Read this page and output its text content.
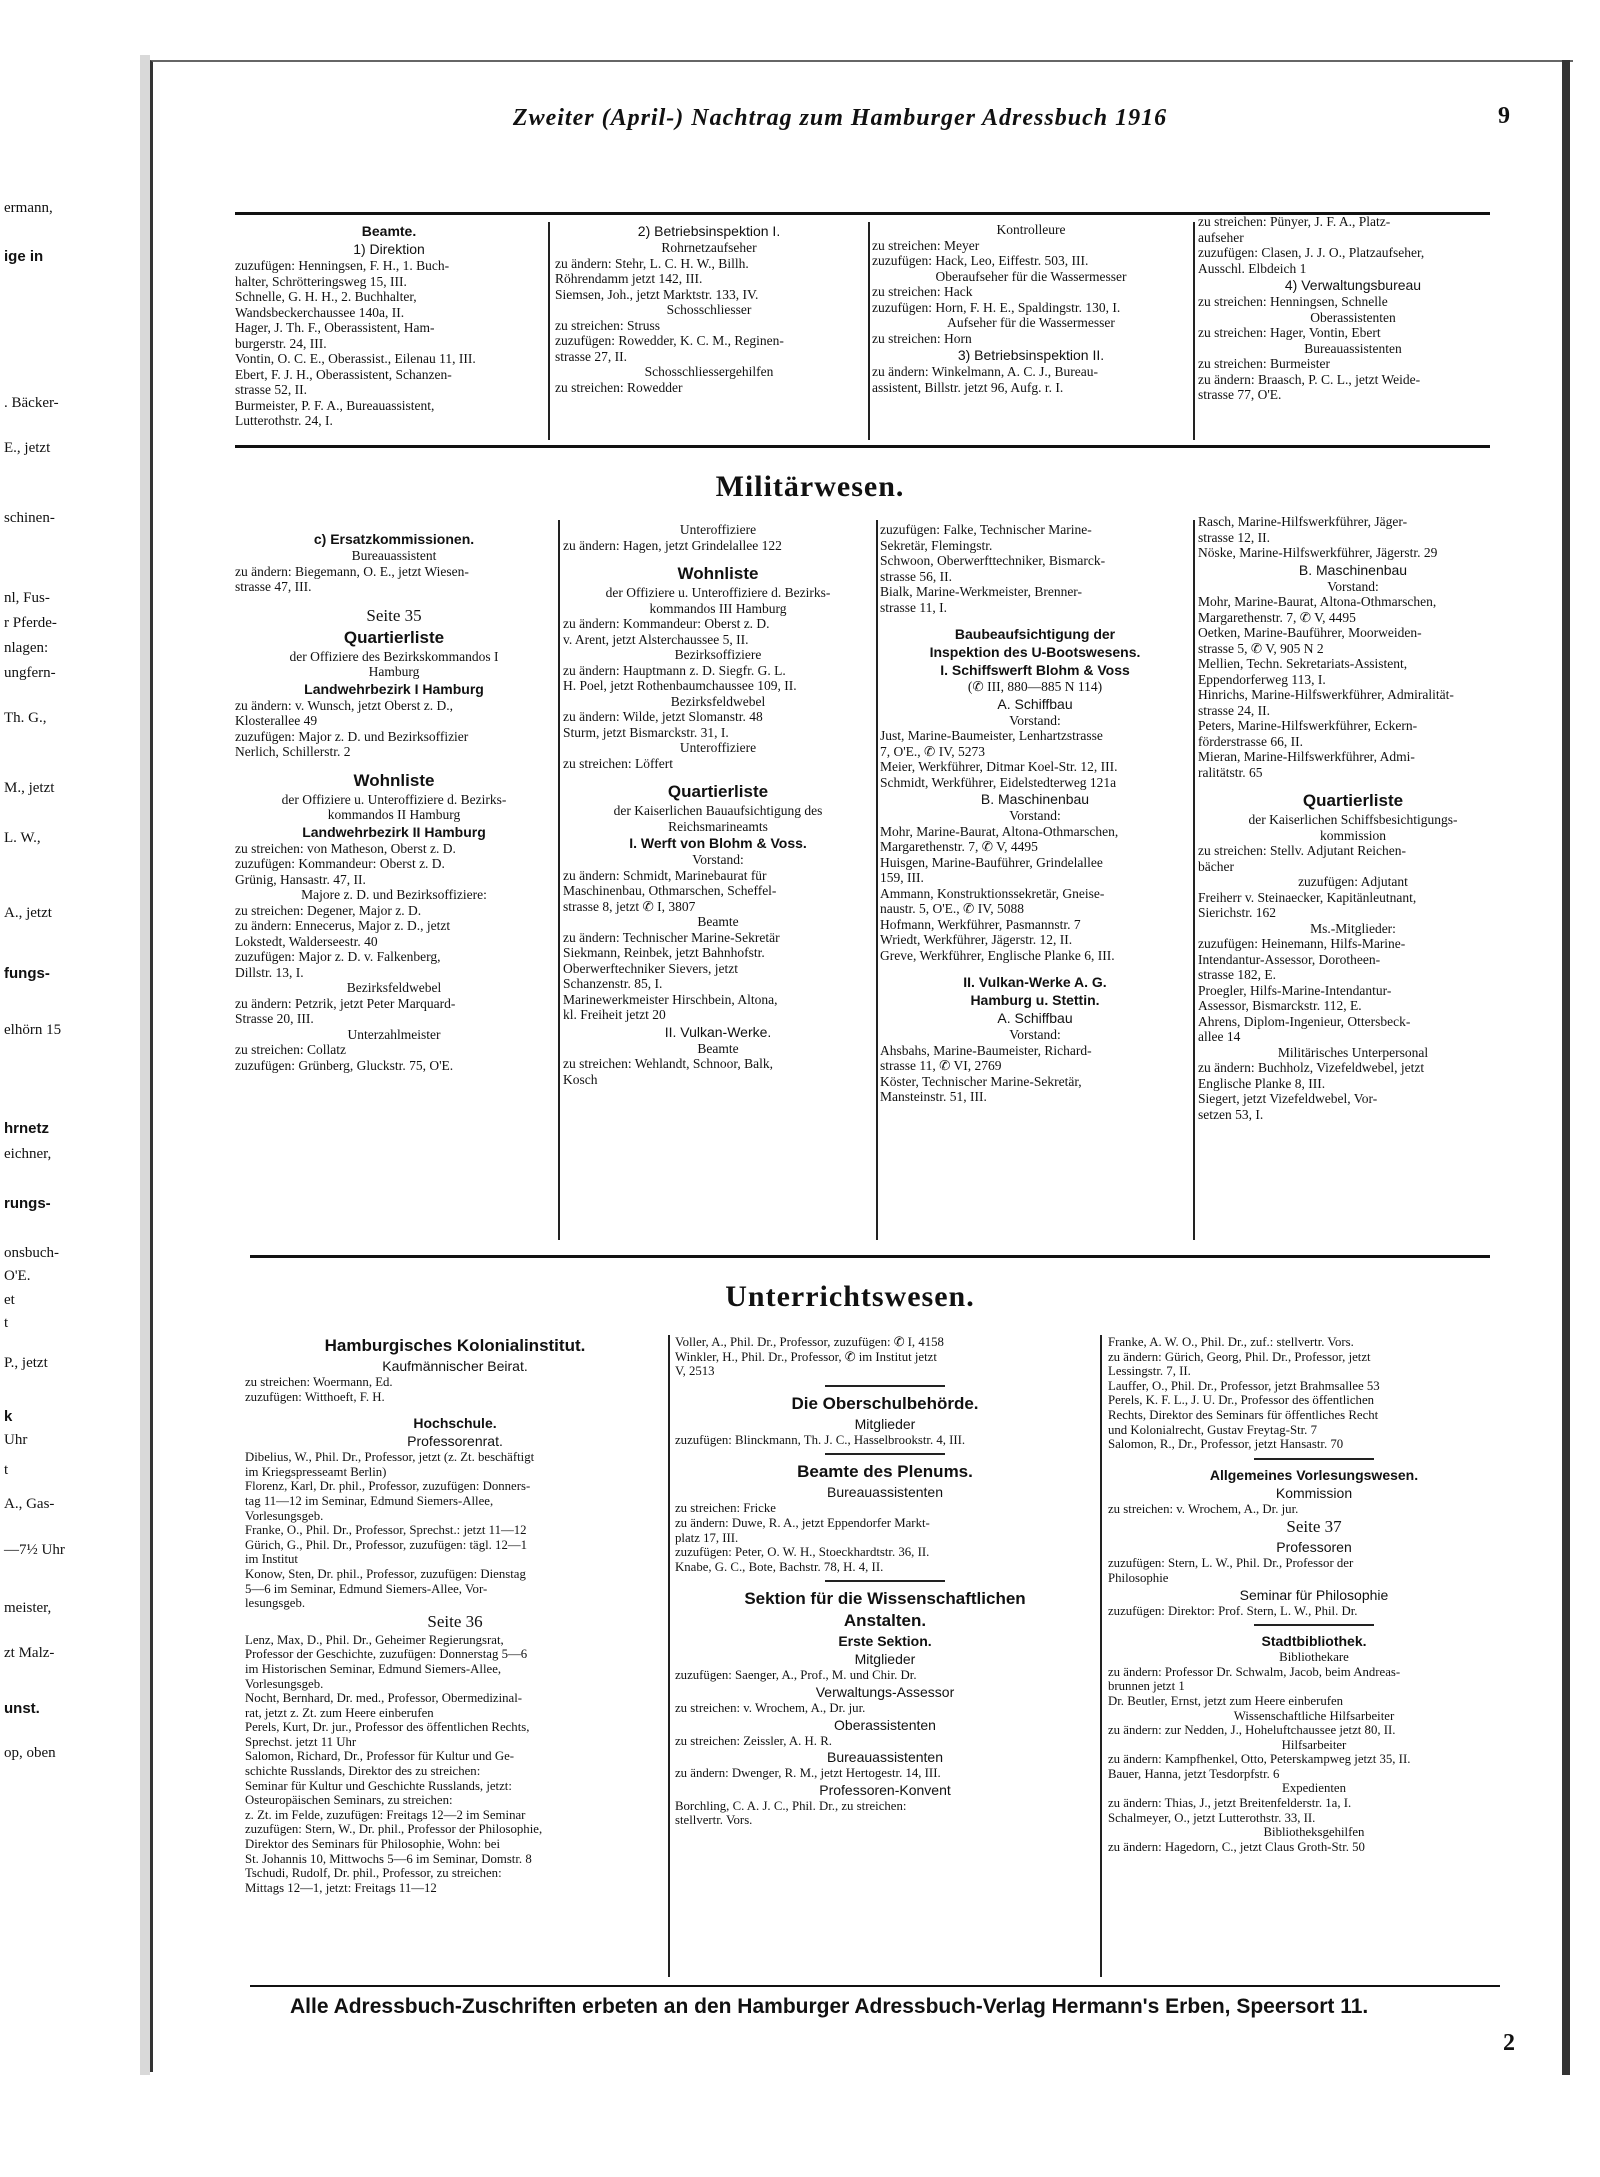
ermann,
ige in
. Bäcker-
E., jetzt
schinen-
nl, Fus-
r Pferde-
nlagen:
ungfern-
Th. G.,
M., jetzt
L. W.,
A., jetzt
fungs-
elhörn 15
hrnetz
eichner,
rungs-
onsbuch-
O'E.
et
t
P., jetzt
k
Uhr
t
A., Gas-
—7½ Uhr
meister,
zt Malz-
unst.
op, oben
Zweiter (April-) Nachtrag zum Hamburger Adressbuch 1916	9
Beamte.
1) Direktion
zuzufügen: Henningsen, F. H., 1. Buch-
halter, Schrötteringsweg 15, III.
Schnelle, G. H. H., 2. Buchhalter,
Wandsbeckerchaussee 140a, II.
Hager, J. Th. F., Oberassistent, Ham-
burgerstr. 24, III.
Vontin, O. C. E., Oberassist., Eilenau 11, III.
Ebert, F. J. H., Oberassistent, Schanzen-
strasse 52, II.
Burmeister, P. F. A., Bureauassistent,
Lutterothstr. 24, I.
2) Betriebsinspektion I.
Rohrnetzaufseher
zu ändern: Stehr, L. C. H. W., Billh.
Röhrendamm jetzt 142, III.
Siemsen, Joh., jetzt Marktstr. 133, IV.
Schosschliesser
zu streichen: Struss
zuzufügen: Rowedder, K. C. M., Reginen-
strasse 27, II.
Schosschliessergehilfen
zu streichen: Rowedder
Kontrolleure
zu streichen: Meyer
zuzufügen: Hack, Leo, Eiffestr. 503, III.
Oberaufseher für die Wassermesser
zu streichen: Hack
zuzufügen: Horn, F. H. E., Spaldingstr. 130, I.
Aufseher für die Wassermesser
zu streichen: Horn
3) Betriebsinspektion II.
zu ändern: Winkelmann, A. C. J., Bureau-
assistent, Billstr. jetzt 96, Aufg. r. I.
zu streichen: Pünyer, J. F. A., Platz-
aufseher
zuzufügen: Clasen, J. J. O., Platzaufseher,
Ausschl. Elbdeich 1
4) Verwaltungsbureau
zu streichen: Henningsen, Schnelle
Oberassistenten
zu streichen: Hager, Vontin, Ebert
Bureauassistenten
zu streichen: Burmeister
zu ändern: Braasch, P. C. L., jetzt Weide-
strasse 77, O'E.
Militärwesen.
c) Ersatzkommissionen.
Bureauassistent
zu ändern: Biegemann, O. E., jetzt Wiesen-
strasse 47, III.
Seite 35
Quartierliste
der Offiziere des Bezirkskommandos I
Hamburg
Landwehrbezirk I Hamburg
zu ändern: v. Wunsch, jetzt Oberst z. D.,
Klosterallee 49
zuzufügen: Major z. D. und Bezirksoffizier
Nerlich, Schillerstr. 2
Wohnliste
der Offiziere u. Unteroffiziere d. Bezirks-
kommandos II Hamburg
Landwehrbezirk II Hamburg
zu streichen: von Matheson, Oberst z. D.
zuzufügen: Kommandeur: Oberst z. D.
Grünig, Hansastr. 47, II.
Majore z. D. und Bezirksoffiziere:
zu streichen: Degener, Major z. D.
zu ändern: Ennecerus, Major z. D., jetzt
Lokstedt, Walderseestr. 40
zuzufügen: Major z. D. v. Falkenberg,
Dillstr. 13, I.
Bezirksfeldwebel
zu ändern: Petzrik, jetzt Peter Marquard-
Strasse 20, III.
Unterzahlmeister
zu streichen: Collatz
zuzufügen: Grünberg, Gluckstr. 75, O'E.
Unteroffiziere
zu ändern: Hagen, jetzt Grindelallee 122
Wohnliste
der Offiziere u. Unteroffiziere d. Bezirks-
kommandos III Hamburg
zu ändern: Kommandeur: Oberst z. D.
v. Arent, jetzt Alsterchaussee 5, II.
Bezirksoffiziere
zu ändern: Hauptmann z. D. Siegfr. G. L.
H. Poel, jetzt Rothenbaumchaussee 109, II.
Bezirksfeldwebel
zu ändern: Wilde, jetzt Slomanstr. 48
Sturm, jetzt Bismarckstr. 31, I.
Unteroffiziere
zu streichen: Löffert
Quartierliste
der Kaiserlichen Bauaufsichtigung des
Reichsmarineamts
I. Werft von Blohm & Voss.
Vorstand:
zu ändern: Schmidt, Marinebaurat für
Maschinenbau, Othmarschen, Scheffel-
strasse 8, jetzt ✆ I, 3807
Beamte
zu ändern: Technischer Marine-Sekretär
Siekmann, Reinbek, jetzt Bahnhofstr.
Oberwerftechniker Sievers, jetzt
Schanzenstr. 85, I.
Marinewerkmeister Hirschbein, Altona,
kl. Freiheit jetzt 20
II. Vulkan-Werke.
Beamte
zu streichen: Wehlandt, Schnoor, Balk,
Kosch
zuzufügen: Falke, Technischer Marine-
Sekretär, Flemingstr.
Schwoon, Oberwerfttechniker, Bismarck-
strasse 56, II.
Bialk, Marine-Werkmeister, Brenner-
strasse 11, I.
Baubeaufsichtigung der
Inspektion des U-Bootswesens.
I. Schiffswerft Blohm & Voss
(✆ III, 880—885 N 114)
A. Schiffbau
Vorstand:
Just, Marine-Baumeister, Lenhartzstrasse
7, O'E., ✆ IV, 5273
Meier, Werkführer, Ditmar Koel-Str. 12, III.
Schmidt, Werkführer, Eidelstedterweg 121a
B. Maschinenbau
Vorstand:
Mohr, Marine-Baurat, Altona-Othmarschen,
Margarethenstr. 7, ✆ V, 4495
Huisgen, Marine-Bauführer, Grindelallee
159, III.
Ammann, Konstruktionssekretär, Gneise-
naustr. 5, O'E., ✆ IV, 5088
Hofmann, Werkführer, Pasmannstr. 7
Wriedt, Werkführer, Jägerstr. 12, II.
Greve, Werkführer, Englische Planke 6, III.
II. Vulkan-Werke A. G.
Hamburg u. Stettin.
A. Schiffbau
Vorstand:
Ahsbahs, Marine-Baumeister, Richard-
strasse 11, ✆ VI, 2769
Köster, Technischer Marine-Sekretär,
Mansteinstr. 51, III.
Rasch, Marine-Hilfswerkführer, Jäger-
strasse 12, II.
Nöske, Marine-Hilfswerkführer, Jägerstr. 29
B. Maschinenbau
Vorstand:
Mohr, Marine-Baurat, Altona-Othmarschen,
Margarethenstr. 7, ✆ V, 4495
Oetken, Marine-Bauführer, Moorweiden-
strasse 5, ✆ V, 905 N 2
Mellien, Techn. Sekretariats-Assistent,
Eppendorferweg 113, I.
Hinrichs, Marine-Hilfswerkführer, Admiralität-
strasse 24, II.
Peters, Marine-Hilfswerkführer, Eckern-
förderstrasse 66, II.
Mieran, Marine-Hilfswerkführer, Admi-
ralitätstr. 65
Quartierliste
der Kaiserlichen Schiffsbesichtigungs-
kommission
zu streichen: Stellv. Adjutant Reichen-
bächer
zuzufügen: Adjutant
Freiherr v. Steinaecker, Kapitänleutnant,
Sierichstr. 162
Ms.-Mitglieder:
zuzufügen: Heinemann, Hilfs-Marine-
Intendantur-Assessor, Dorotheen-
strasse 182, E.
Proegler, Hilfs-Marine-Intendantur-
Assessor, Bismarckstr. 112, E.
Ahrens, Diplom-Ingenieur, Ottersbeck-
allee 14
Militärisches Unterpersonal
zu ändern: Buchholz, Vizefeldwebel, jetzt
Englische Planke 8, III.
Siegert, jetzt Vizefeldwebel, Vor-
setzen 53, I.
Unterrichtswesen.
Hamburgisches Kolonialinstitut.
Kaufmännischer Beirat.
zu streichen: Woermann, Ed.
zuzufügen: Witthoeft, F. H.
Hochschule.
Professorenrat.
Dibelius, W., Phil. Dr., Professor, jetzt (z. Zt. beschäftigt
im Kriegspresseamt Berlin)
Florenz, Karl, Dr. phil., Professor, zuzufügen: Donners-
tag 11—12 im Seminar, Edmund Siemers-Allee,
Vorlesungsgeb.
Franke, O., Phil. Dr., Professor, Sprechst.: jetzt 11—12
Gürich, G., Phil. Dr., Professor, zuzufügen: tägl. 12—1
im Institut
Konow, Sten, Dr. phil., Professor, zuzufügen: Dienstag
5—6 im Seminar, Edmund Siemers-Allee, Vor-
lesungsgeb.
Seite 36
Lenz, Max, D., Phil. Dr., Geheimer Regierungsrat,
Professor der Geschichte, zuzufügen: Donnerstag 5—6
im Historischen Seminar, Edmund Siemers-Allee,
Vorlesungsgeb.
Nocht, Bernhard, Dr. med., Professor, Obermedizinal-
rat, jetzt z. Zt. zum Heere einberufen
Perels, Kurt, Dr. jur., Professor des öffentlichen Rechts,
Sprechst. jetzt 11 Uhr
Salomon, Richard, Dr., Professor für Kultur und Ge-
schichte Russlands, Direktor des zu streichen:
Seminar für Kultur und Geschichte Russlands, jetzt:
Osteuropäischen Seminars, zu streichen:
z. Zt. im Felde, zuzufügen: Freitags 12—2 im Seminar
zuzufügen: Stern, W., Dr. phil., Professor der Philosophie,
Direktor des Seminars für Philosophie, Wohn: bei
St. Johannis 10, Mittwochs 5—6 im Seminar, Domstr. 8
Tschudi, Rudolf, Dr. phil., Professor, zu streichen:
Mittags 12—1, jetzt: Freitags 11—12
Voller, A., Phil. Dr., Professor, zuzufügen: ✆ I, 4158
Winkler, H., Phil. Dr., Professor, ✆ im Institut jetzt
V, 2513
Die Oberschulbehörde.
Mitglieder
zuzufügen: Blinckmann, Th. J. C., Hasselbrookstr. 4, III.
Beamte des Plenums.
Bureauassistenten
zu streichen: Fricke
zu ändern: Duwe, R. A., jetzt Eppendorfer Markt-
platz 17, III.
zuzufügen: Peter, O. W. H., Stoeckhardtstr. 36, II.
Knabe, G. C., Bote, Bachstr. 78, H. 4, II.
Sektion für die Wissenschaftlichen
Anstalten.
Erste Sektion.
Mitglieder
zuzufügen: Saenger, A., Prof., M. und Chir. Dr.
Verwaltungs-Assessor
zu streichen: v. Wrochem, A., Dr. jur.
Oberassistenten
zu streichen: Zeissler, A. H. R.
Bureauassistenten
zu ändern: Dwenger, R. M., jetzt Hertogestr. 14, III.
Professoren-Konvent
Borchling, C. A. J. C., Phil. Dr., zu streichen:
stellvertr. Vors.
Franke, A. W. O., Phil. Dr., zuf.: stellvertr. Vors.
zu ändern: Gürich, Georg, Phil. Dr., Professor, jetzt
Lessingstr. 7, II.
Lauffer, O., Phil. Dr., Professor, jetzt Brahmsallee 53
Perels, K. F. L., J. U. Dr., Professor des öffentlichen
Rechts, Direktor des Seminars für öffentliches Recht
und Kolonialrecht, Gustav Freytag-Str. 7
Salomon, R., Dr., Professor, jetzt Hansastr. 70
Allgemeines Vorlesungswesen.
Kommission
zu streichen: v. Wrochem, A., Dr. jur.
Seite 37
Professoren
zuzufügen: Stern, L. W., Phil. Dr., Professor der
Philosophie
Seminar für Philosophie
zuzufügen: Direktor: Prof. Stern, L. W., Phil. Dr.
Stadtbibliothek.
Bibliothekare
zu ändern: Professor Dr. Schwalm, Jacob, beim Andreas-
brunnen jetzt 1
Dr. Beutler, Ernst, jetzt zum Heere einberufen
Wissenschaftliche Hilfsarbeiter
zu ändern: zur Nedden, J., Hoheluftchaussee jetzt 80, II.
Hilfsarbeiter
zu ändern: Kampfhenkel, Otto, Peterskampweg jetzt 35, II.
Bauer, Hanna, jetzt Tesdorpfstr. 6
Expedienten
zu ändern: Thias, J., jetzt Breitenfelderstr. 1a, I.
Schalmeyer, O., jetzt Lutterothstr. 33, II.
Bibliotheksgehilfen
zu ändern: Hagedorn, C., jetzt Claus Groth-Str. 50
Alle Adressbuch-Zuschriften erbeten an den Hamburger Adressbuch-Verlag Hermann's Erben, Speersort 11.
2
